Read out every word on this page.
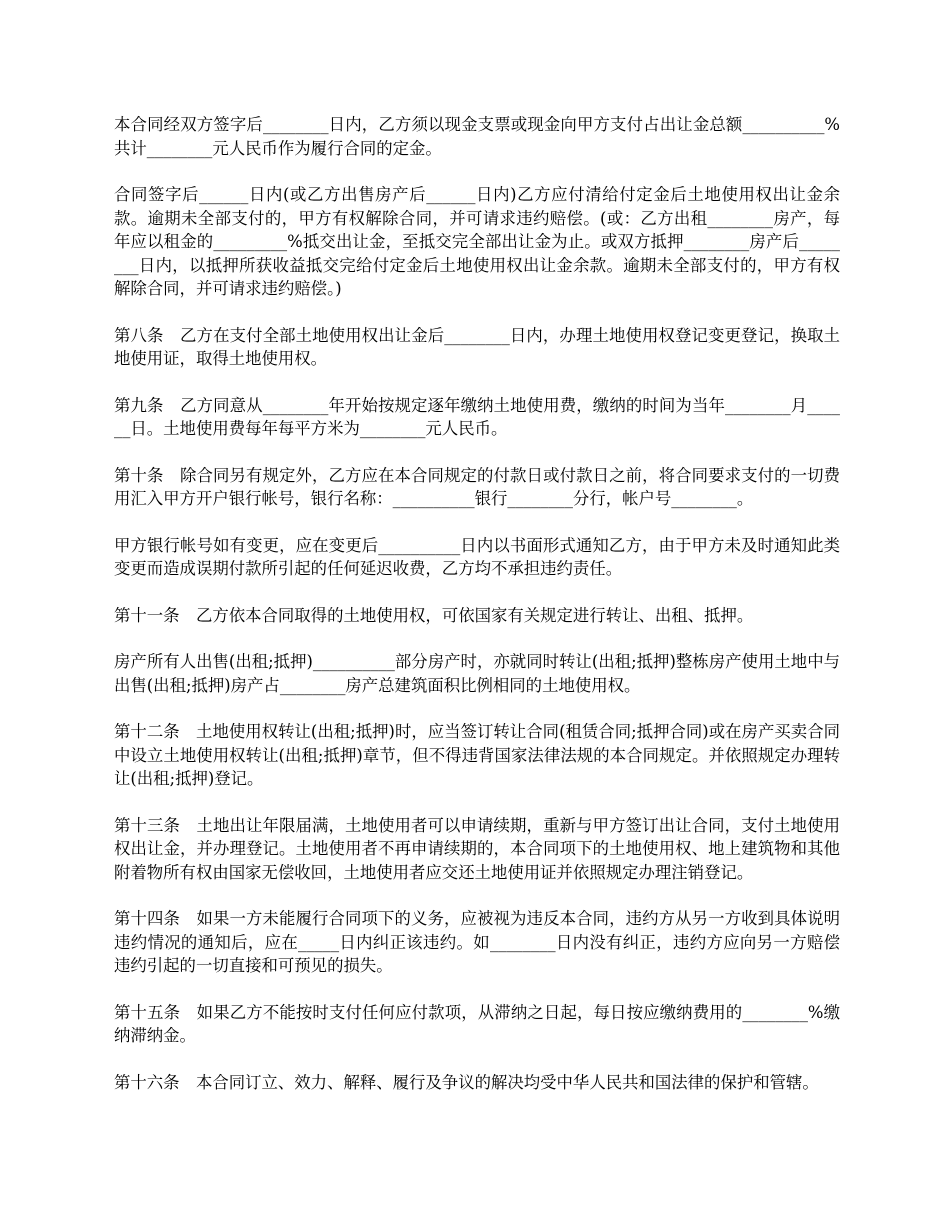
本合同经双方签字后________日内，乙方须以现金支票或现金向甲方支付占出让金总额__________%共计________元人民币作为履行合同的定金。

合同签字后______日内(或乙方出售房产后______日内)乙方应付清给付定金后土地使用权出让金余款。逾期未全部支付的，甲方有权解除合同，并可请求违约赔偿。(或：乙方出租________房产，每年应以租金的_________%抵交出让金，至抵交完全部出让金为止。或双方抵押________房产后________日内，以抵押所获收益抵交完给付定金后土地使用权出让金余款。逾期未全部支付的，甲方有权解除合同，并可请求违约赔偿。)

第八条　乙方在支付全部土地使用权出让金后________日内，办理土地使用权登记变更登记，换取土地使用证，取得土地使用权。

第九条　乙方同意从________年开始按规定逐年缴纳土地使用费，缴纳的时间为当年________月______日。土地使用费每年每平方米为________元人民币。

第十条　除合同另有规定外，乙方应在本合同规定的付款日或付款日之前，将合同要求支付的一切费用汇入甲方开户银行帐号，银行名称：__________银行________分行，帐户号________。

甲方银行帐号如有变更，应在变更后__________日内以书面形式通知乙方，由于甲方未及时通知此类变更而造成误期付款所引起的任何延迟收费，乙方均不承担违约责任。

第十一条　乙方依本合同取得的土地使用权，可依国家有关规定进行转让、出租、抵押。

房产所有人出售(出租;抵押)__________部分房产时，亦就同时转让(出租;抵押)整栋房产使用土地中与出售(出租;抵押)房产占________房产总建筑面积比例相同的土地使用权。

第十二条　土地使用权转让(出租;抵押)时，应当签订转让合同(租赁合同;抵押合同)或在房产买卖合同中设立土地使用权转让(出租;抵押)章节，但不得违背国家法律法规的本合同规定。并依照规定办理转让(出租;抵押)登记。

第十三条　土地出让年限届满，土地使用者可以申请续期，重新与甲方签订出让合同，支付土地使用权出让金，并办理登记。土地使用者不再申请续期的，本合同项下的土地使用权、地上建筑物和其他附着物所有权由国家无偿收回，土地使用者应交还土地使用证并依照规定办理注销登记。

第十四条　如果一方未能履行合同项下的义务，应被视为违反本合同，违约方从另一方收到具体说明违约情况的通知后，应在_____日内纠正该违约。如________日内没有纠正，违约方应向另一方赔偿违约引起的一切直接和可预见的损失。

第十五条　如果乙方不能按时支付任何应付款项，从滞纳之日起，每日按应缴纳费用的________%缴纳滞纳金。

第十六条　本合同订立、效力、解释、履行及争议的解决均受中华人民共和国法律的保护和管辖。
